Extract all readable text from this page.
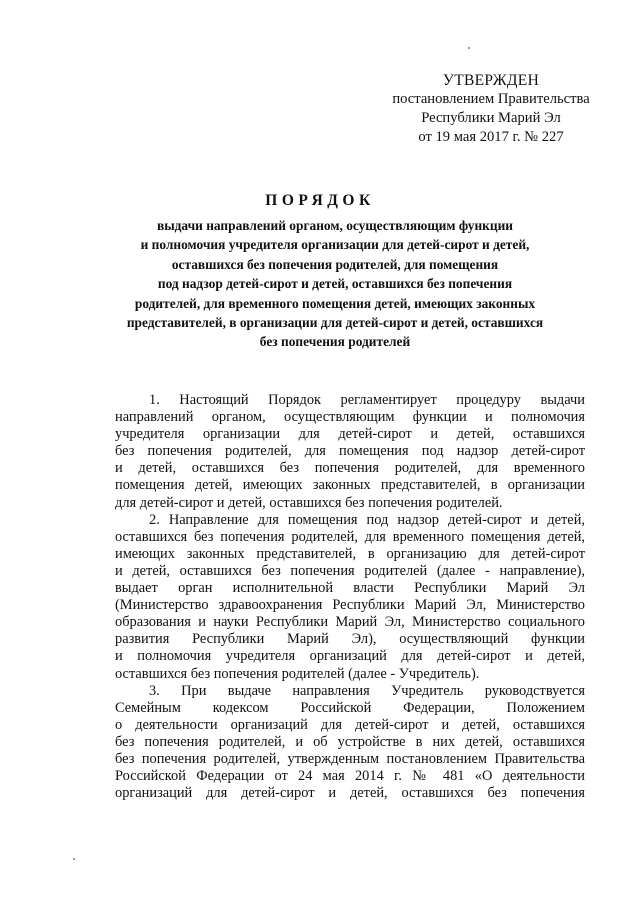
УТВЕРЖДЕН
постановлением Правительства
Республики Марий Эл
от 19 мая 2017 г. № 227
ПОРЯДОК
выдачи направлений органом, осуществляющим функции
и полномочия учредителя организации для детей-сирот и детей,
оставшихся без попечения родителей, для помещения
под надзор детей-сирот и детей, оставшихся без попечения
родителей, для временного помещения детей, имеющих законных
представителей, в организации для детей-сирот и детей, оставшихся
без попечения родителей
1. Настоящий Порядок регламентирует процедуру выдачи
направлений органом, осуществляющим функции и полномочия
учредителя организации для детей-сирот и детей, оставшихся
без попечения родителей, для помещения под надзор детей-сирот
и детей, оставшихся без попечения родителей, для временного
помещения детей, имеющих законных представителей, в организации
для детей-сирот и детей, оставшихся без попечения родителей.
2. Направление для помещения под надзор детей-сирот и детей,
оставшихся без попечения родителей, для временного помещения детей,
имеющих законных представителей, в организацию для детей-сирот
и детей, оставшихся без попечения родителей (далее - направление),
выдает орган исполнительной власти Республики Марий Эл
(Министерство здравоохранения Республики Марий Эл, Министерство
образования и науки Республики Марий Эл, Министерство социального
развития Республики Марий Эл), осуществляющий функции
и полномочия учредителя организаций для детей-сирот и детей,
оставшихся без попечения родителей (далее - Учредитель).
3. При выдаче направления Учредитель руководствуется
Семейным кодексом Российской Федерации, Положением
о деятельности организаций для детей-сирот и детей, оставшихся
без попечения родителей, и об устройстве в них детей, оставшихся
без попечения родителей, утвержденным постановлением Правительства
Российской Федерации от 24 мая 2014 г. № 481 «О деятельности
организаций для детей-сирот и детей, оставшихся без попечения
